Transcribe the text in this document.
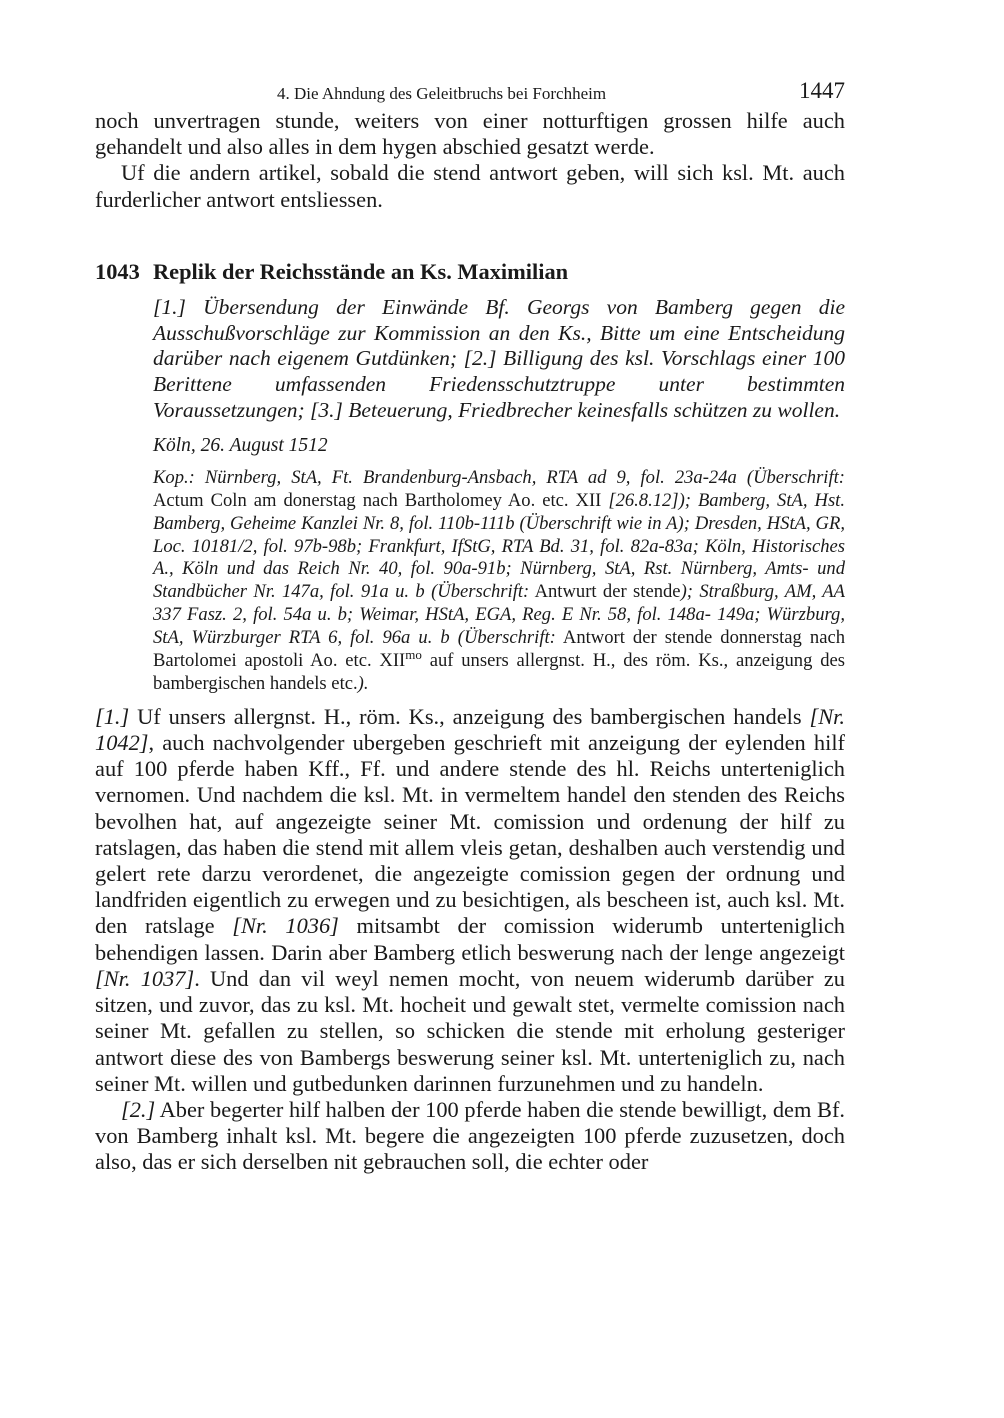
4. Die Ahndung des Geleitbruchs bei Forchheim	1447

noch unvertragen stunde, weiters von einer notturftigen grossen hilfe auch gehandelt und also alles in dem hygen abschied gesatzt werde.

Uf die andern artikel, sobald die stend antwort geben, will sich ksl. Mt. auch furderlicher antwort entsliessen.

1043 Replik der Reichsstände an Ks. Maximilian

[1.] Übersendung der Einwände Bf. Georgs von Bamberg gegen die Ausschußvorschläge zur Kommission an den Ks., Bitte um eine Entscheidung darüber nach eigenem Gutdünken; [2.] Billigung des ksl. Vorschlags einer 100 Berittene umfassenden Friedensschutztruppe unter bestimmten Voraussetzungen; [3.] Beteuerung, Friedbrecher keinesfalls schützen zu wollen.

Köln, 26. August 1512

Kop.: Nürnberg, StA, Ft. Brandenburg-Ansbach, RTA ad 9, fol. 23a-24a (Überschrift: Actum Coln am donerstag nach Bartholomey Ao. etc. XII [26.8.12]); Bamberg, StA, Hst. Bamberg, Geheime Kanzlei Nr. 8, fol. 110b-111b (Überschrift wie in A); Dresden, HStA, GR, Loc. 10181/2, fol. 97b-98b; Frankfurt, IfStG, RTA Bd. 31, fol. 82a-83a; Köln, Historisches A., Köln und das Reich Nr. 40, fol. 90a-91b; Nürnberg, StA, Rst. Nürnberg, Amts- und Standbücher Nr. 147a, fol. 91a u. b (Überschrift: Antwurt der stende); Straßburg, AM, AA 337 Fasz. 2, fol. 54a u. b; Weimar, HStA, EGA, Reg. E Nr. 58, fol. 148a- 149a; Würzburg, StA, Würzburger RTA 6, fol. 96a u. b (Überschrift: Antwort der stende donnerstag nach Bartolomei apostoli Ao. etc. $XII^{mo}$ auf unsers allergnst. H., des röm. Ks., anzeigung des bambergischen handels etc.).

[1.] Uf unsers allergnst. H., röm. Ks., anzeigung des bambergischen handels [Nr. 1042], auch nachvolgender ubergeben geschrieft mit anzeigung der eylenden hilf auf 100 pferde haben Kff., Ff. und andere stende des hl. Reichs unterteniglich vernomen. Und nachdem die ksl. Mt. in vermeltem handel den stenden des Reichs bevolhen hat, auf angezeigte seiner Mt. comission und ordenung der hilf zu ratslagen, das haben die stend mit allem vleis getan, deshalben auch verstendig und gelert rete darzu verordenet, die angezeigte comission gegen der ordnung und landfriden eigentlich zu erwegen und zu besichtigen, als bescheen ist, auch ksl. Mt. den ratslage [Nr. 1036] mitsambt der comission widerumb unterteniglich behendigen lassen. Darin aber Bamberg etlich beswerung nach der lenge angezeigt [Nr. 1037]. Und dan vil weyl nemen mocht, von neuem widerumb darüber zu sitzen, und zuvor, das zu ksl. Mt. hocheit und gewalt stet, vermelte comission nach seiner Mt. gefallen zu stellen, so schicken die stende mit erholung gesteriger antwort diese des von Bambergs beswerung seiner ksl. Mt. unterteniglich zu, nach seiner Mt. willen und gutbedunken darinnen furzunehmen und zu handeln.

[2.] Aber begerter hilf halben der 100 pferde haben die stende bewilligt, dem Bf. von Bamberg inhalt ksl. Mt. begere die angezeigten 100 pferde zuzusetzen, doch also, das er sich derselben nit gebrauchen soll, die echter oder
